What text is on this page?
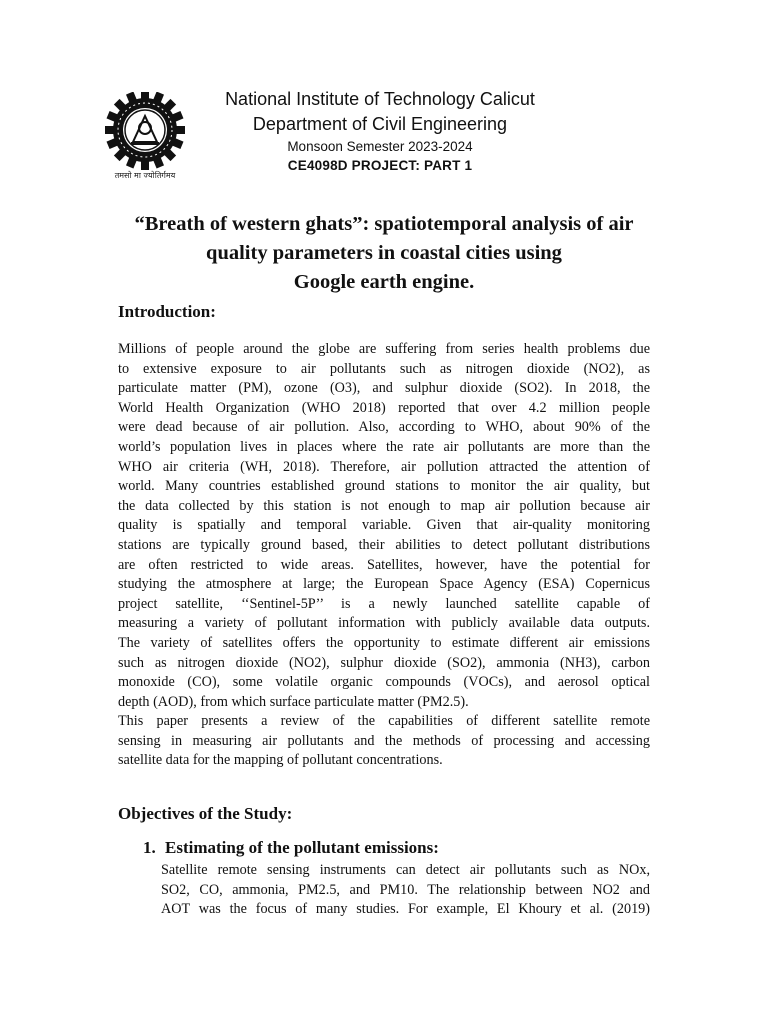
तमसो मा ज्योतिर्गमय
National Institute of Technology Calicut
Department of Civil Engineering
Monsoon Semester 2023-2024
CE4098D PROJECT: PART 1
“Breath of western ghats”: spatiotemporal analysis of air
quality parameters in coastal cities using
Google earth engine.
Introduction:
Millions of people around the globe are suffering from series health problems due
to extensive exposure to air pollutants such as nitrogen dioxide (NO2), as
particulate matter (PM), ozone (O3), and sulphur dioxide (SO2). In 2018, the
World Health Organization (WHO 2018) reported that over 4.2 million people
were dead because of air pollution. Also, according to WHO, about 90% of the
world’s population lives in places where the rate air pollutants are more than the
WHO air criteria (WH, 2018). Therefore, air pollution attracted the attention of
world. Many countries established ground stations to monitor the air quality, but
the data collected by this station is not enough to map air pollution because air
quality is spatially and temporal variable. Given that air-quality monitoring
stations are typically ground based, their abilities to detect pollutant distributions
are often restricted to wide areas. Satellites, however, have the potential for
studying the atmosphere at large; the European Space Agency (ESA) Copernicus
project satellite, ‘‘Sentinel-5P’’ is a newly launched satellite capable of
measuring a variety of pollutant information with publicly available data outputs.
The variety of satellites offers the opportunity to estimate different air emissions
such as nitrogen dioxide (NO2), sulphur dioxide (SO2), ammonia (NH3), carbon
monoxide (CO), some volatile organic compounds (VOCs), and aerosol optical
depth (AOD), from which surface particulate matter (PM2.5).
This paper presents a review of the capabilities of different satellite remote
sensing in measuring air pollutants and the methods of processing and accessing
satellite data for the mapping of pollutant concentrations.
Objectives of the Study:
1. Estimating of the pollutant emissions:
Satellite remote sensing instruments can detect air pollutants such as NOx,
SO2, CO, ammonia, PM2.5, and PM10. The relationship between NO2 and
AOT was the focus of many studies. For example, El Khoury et al. (2019)
